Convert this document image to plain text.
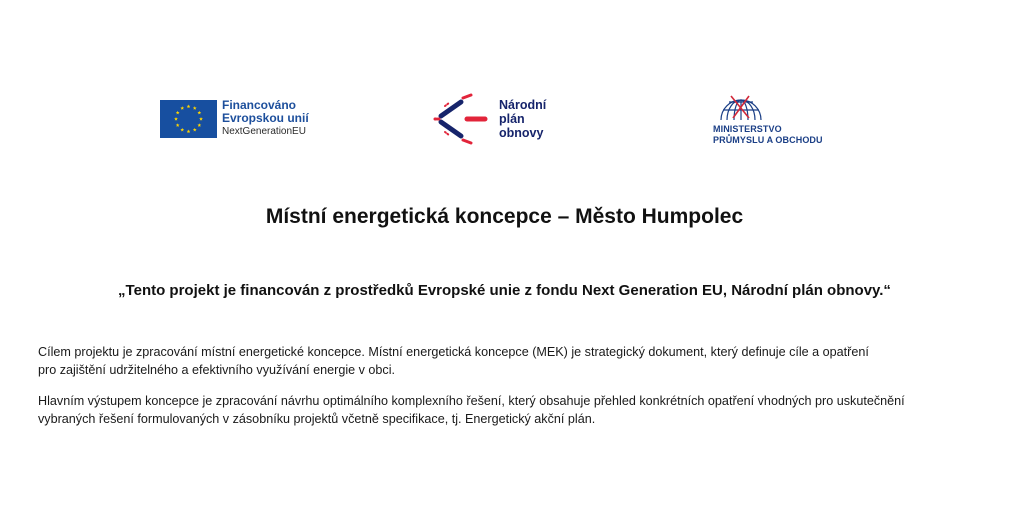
Financováno
Evropskou unií
NextGenerationEU
Národní
plán
obnovy	MINISTERSTVO
PRŮMYSLU A OBCHODU
Místní energetická koncepce – Město Humpolec
„Tento projekt je financován z prostředků Evropské unie z fondu Next Generation EU, Národní plán obnovy.“
Cílem projektu je zpracování místní energetické koncepce. Místní energetická koncepce (MEK) je strategický dokument, který definuje cíle a opatření
pro zajištění udržitelného a efektivního využívání energie v obci.
Hlavním výstupem koncepce je zpracování návrhu optimálního komplexního řešení, který obsahuje přehled konkrétních opatření vhodných pro uskutečnění
vybraných řešení formulovaných v zásobníku projektů včetně specifikace, tj. Energetický akční plán.
